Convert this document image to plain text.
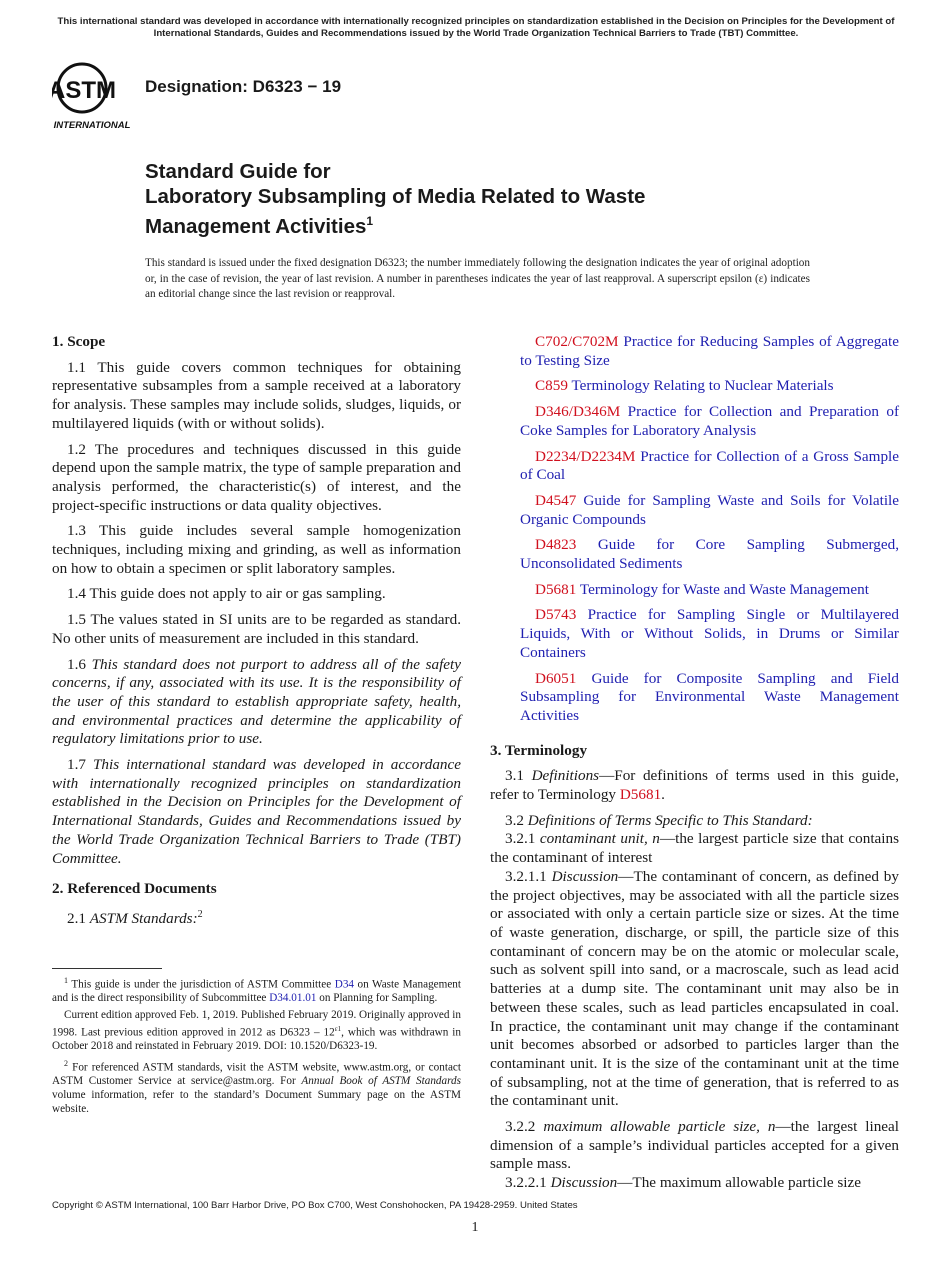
This international standard was developed in accordance with internationally recognized principles on standardization established in the Decision on Principles for the Development of International Standards, Guides and Recommendations issued by the World Trade Organization Technical Barriers to Trade (TBT) Committee.
ASTM
INTERNATIONAL
Designation: D6323 − 19
Standard Guide for
Laboratory Subsampling of Media Related to Waste
Management Activities$^1$
This standard is issued under the fixed designation D6323; the number immediately following the designation indicates the year of original adoption or, in the case of revision, the year of last revision. A number in parentheses indicates the year of last reapproval. A superscript epsilon (ε) indicates an editorial change since the last revision or reapproval.
1. Scope

1.1 This guide covers common techniques for obtaining representative subsamples from a sample received at a laboratory for analysis. These samples may include solids, sludges, liquids, or multilayered liquids (with or without solids).

1.2 The procedures and techniques discussed in this guide depend upon the sample matrix, the type of sample preparation and analysis performed, the characteristic(s) of interest, and the project-specific instructions or data quality objectives.

1.3 This guide includes several sample homogenization techniques, including mixing and grinding, as well as information on how to obtain a specimen or split laboratory samples.

1.4 This guide does not apply to air or gas sampling.

1.5 The values stated in SI units are to be regarded as standard. No other units of measurement are included in this standard.

1.6 This standard does not purport to address all of the safety concerns, if any, associated with its use. It is the responsibility of the user of this standard to establish appropriate safety, health, and environmental practices and determine the applicability of regulatory limitations prior to use.

1.7 This international standard was developed in accordance with internationally recognized principles on standardization established in the Decision on Principles for the Development of International Standards, Guides and Recommendations issued by the World Trade Organization Technical Barriers to Trade (TBT) Committee.

2. Referenced Documents

2.1 ASTM Standards:$^2$

$^1$ This guide is under the jurisdiction of ASTM Committee D34 on Waste Management and is the direct responsibility of Subcommittee D34.01.01 on Planning for Sampling.

Current edition approved Feb. 1, 2019. Published February 2019. Originally approved in 1998. Last previous edition approved in 2012 as $D6323 - 12^{\varepsilon 1}$, which was withdrawn in October 2018 and reinstated in February 2019. DOI: 10.1520/D6323-19.

$^2$ For referenced ASTM standards, visit the ASTM website, www.astm.org, or contact ASTM Customer Service at service@astm.org. For Annual Book of ASTM Standards volume information, refer to the standard’s Document Summary page on the ASTM website.

C702/C702M Practice for Reducing Samples of Aggregate to Testing Size

C859 Terminology Relating to Nuclear Materials

D346/D346M Practice for Collection and Preparation of Coke Samples for Laboratory Analysis

D2234/D2234M Practice for Collection of a Gross Sample of Coal

D4547 Guide for Sampling Waste and Soils for Volatile Organic Compounds

D4823 Guide for Core Sampling Submerged, Unconsolidated Sediments

D5681 Terminology for Waste and Waste Management

D5743 Practice for Sampling Single or Multilayered Liquids, With or Without Solids, in Drums or Similar Containers

D6051 Guide for Composite Sampling and Field Subsampling for Environmental Waste Management Activities

3. Terminology

3.1 Definitions—For definitions of terms used in this guide, refer to Terminology D5681.

3.2 Definitions of Terms Specific to This Standard:

3.2.1 contaminant unit, n—the largest particle size that contains the contaminant of interest

3.2.1.1 Discussion—The contaminant of concern, as defined by the project objectives, may be associated with all the particle sizes or associated with only a certain particle size or sizes. At the time of waste generation, discharge, or spill, the particle size of this contaminant of concern may be on the atomic or molecular scale, such as solvent spill into sand, or a macroscale, such as lead acid batteries at a dump site. The contaminant unit may also be in between these scales, such as lead particles encapsulated in coal. In practice, the contaminant unit may change if the contaminant unit becomes absorbed or adsorbed to particles larger than the contaminant unit. It is the size of the contaminant unit at the time of subsampling, not at the time of generation, that is referred to as the contaminant unit.

3.2.2 maximum allowable particle size, n—the largest lineal dimension of a sample’s individual particles accepted for a given sample mass.

3.2.2.1 Discussion—The maximum allowable particle size

Copyright © ASTM International, 100 Barr Harbor Drive, PO Box C700, West Conshohocken, PA 19428-2959. United States
1
